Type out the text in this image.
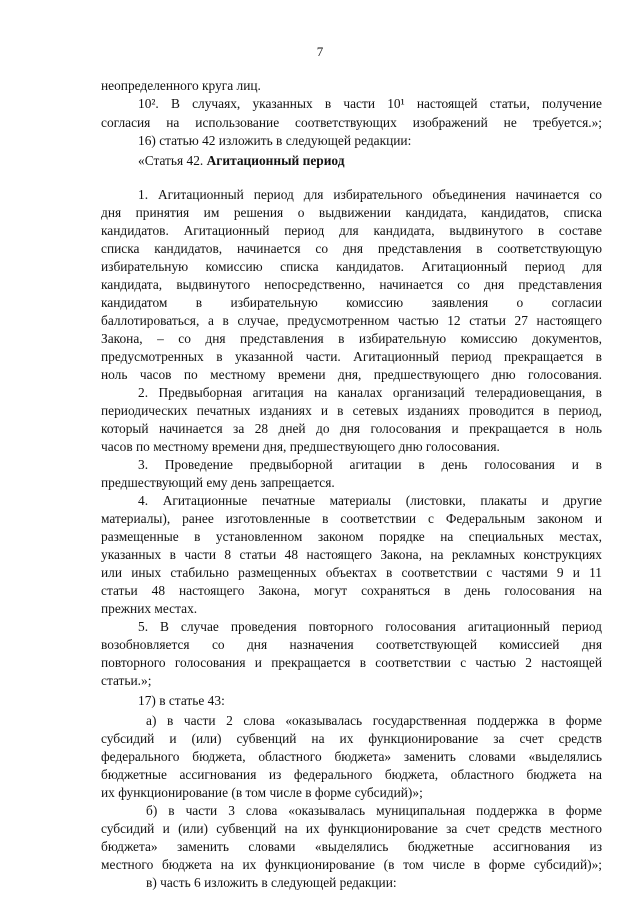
7
неопределенного круга лиц.
10². В случаях, указанных в части 10¹ настоящей статьи, получение
согласия на использование соответствующих изображений не требуется.»;
16) статью 42 изложить в следующей редакции:
«Статья 42. Агитационный период
1. Агитационный период для избирательного объединения начинается со
дня принятия им решения о выдвижении кандидата, кандидатов, списка
кандидатов. Агитационный период для кандидата, выдвинутого в составе
списка кандидатов, начинается со дня представления в соответствующую
избирательную комиссию списка кандидатов. Агитационный период для
кандидата, выдвинутого непосредственно, начинается со дня представления
кандидатом в избирательную комиссию заявления о согласии
баллотироваться, а в случае, предусмотренном частью 12 статьи 27 настоящего
Закона, – со дня представления в избирательную комиссию документов,
предусмотренных в указанной части. Агитационный период прекращается в
ноль часов по местному времени дня, предшествующего дню голосования.
2. Предвыборная агитация на каналах организаций телерадиовещания, в
периодических печатных изданиях и в сетевых изданиях проводится в период,
который начинается за 28 дней до дня голосования и прекращается в ноль
часов по местному времени дня, предшествующего дню голосования.
3. Проведение предвыборной агитации в день голосования и в
предшествующий ему день запрещается.
4. Агитационные печатные материалы (листовки, плакаты и другие
материалы), ранее изготовленные в соответствии с Федеральным законом и
размещенные в установленном законом порядке на специальных местах,
указанных в части 8 статьи 48 настоящего Закона, на рекламных конструкциях
или иных стабильно размещенных объектах в соответствии с частями 9 и 11
статьи 48 настоящего Закона, могут сохраняться в день голосования на
прежних местах.
5. В случае проведения повторного голосования агитационный период
возобновляется со дня назначения соответствующей комиссией дня
повторного голосования и прекращается в соответствии с частью 2 настоящей
статьи.»;
17) в статье 43:
а) в части 2 слова «оказывалась государственная поддержка в форме
субсидий и (или) субвенций на их функционирование за счет средств
федерального бюджета, областного бюджета» заменить словами «выделялись
бюджетные ассигнования из федерального бюджета, областного бюджета на
их функционирование (в том числе в форме субсидий)»;
б) в части 3 слова «оказывалась муниципальная поддержка в форме
субсидий и (или) субвенций на их функционирование за счет средств местного
бюджета» заменить словами «выделялись бюджетные ассигнования из
местного бюджета на их функционирование (в том числе в форме субсидий)»;
в) часть 6 изложить в следующей редакции:
